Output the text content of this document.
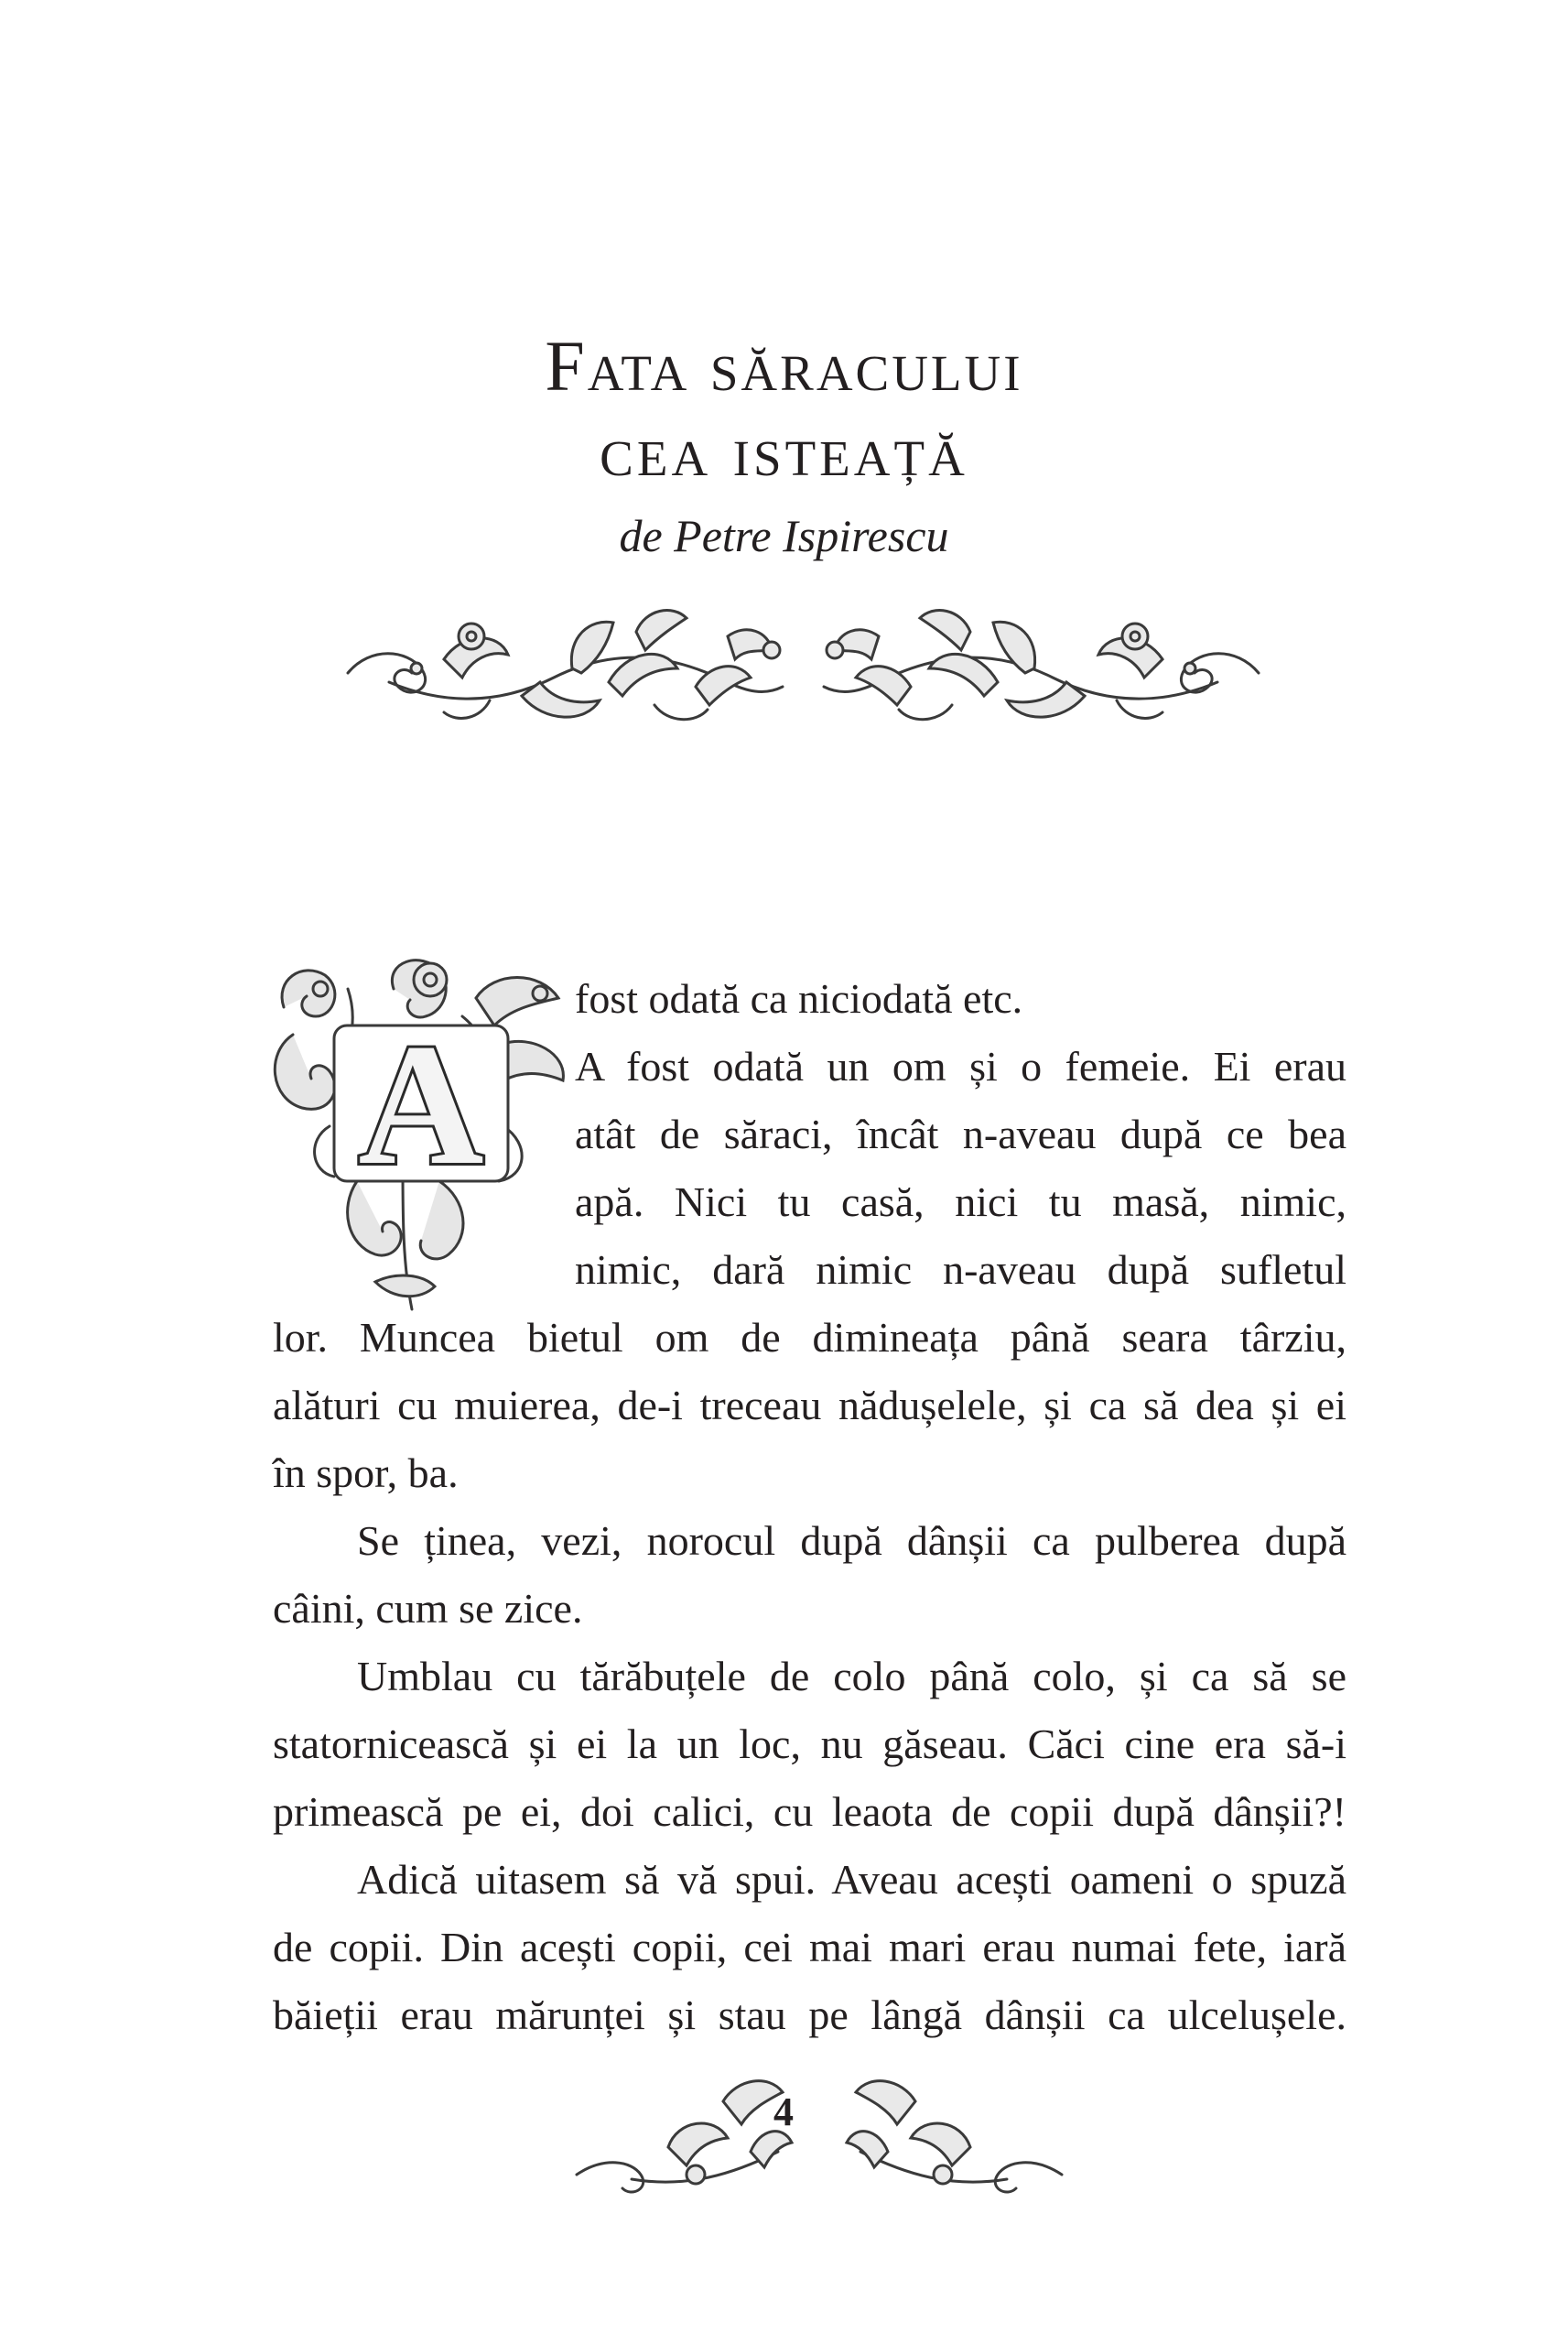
Fata săracului
cea isteață
de Petre Ispirescu
A

fost odată ca niciodată etc.

A fost odată un om și o femeie. Ei erau

atât de săraci, încât n-aveau după ce bea

apă. Nici tu casă, nici tu masă, nimic,

nimic, dară nimic n-aveau după sufletul

lor. Muncea bietul om de dimineața până seara târziu,

alături cu muierea, de-i treceau nădușelele, și ca să dea și ei

în spor, ba.

Se ținea, vezi, norocul după dânșii ca pulberea după

câini, cum se zice.

Umblau cu tărăbuțele de colo până colo, și ca să se

statornicească și ei la un loc, nu găseau. Căci cine era să-i

primească pe ei, doi calici, cu leaota de copii după dânșii?!

Adică uitasem să vă spui. Aveau acești oameni o spuză

de copii. Din acești copii, cei mai mari erau numai fete, iară

băieții erau mărunței și stau pe lângă dânșii ca ulcelușele.

4
